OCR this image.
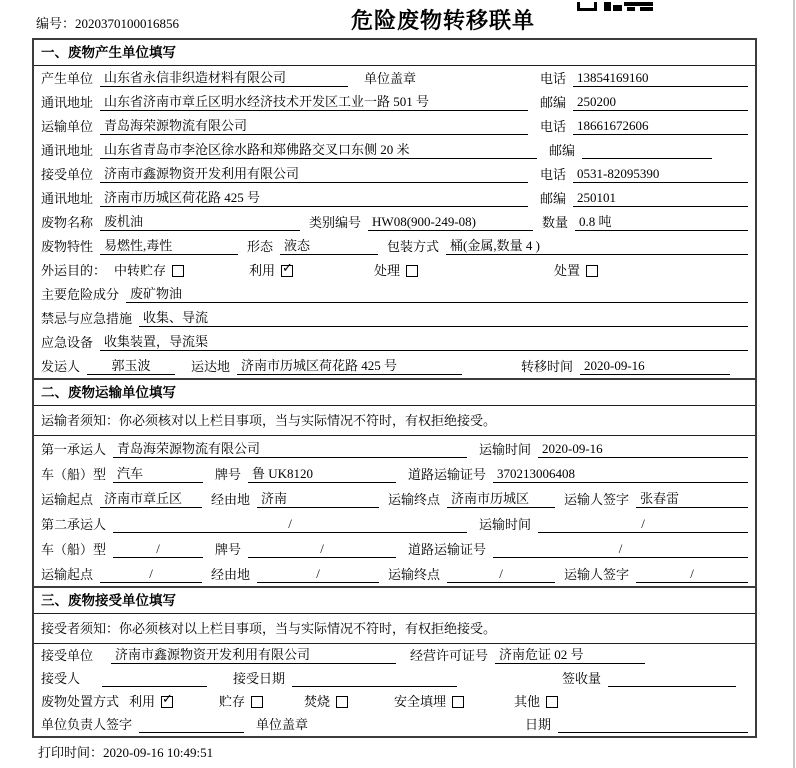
编号：2020370100016856	危险废物转移联单
一、废物产生单位填写
产生单位 山东省永信非织造材料有限公司	单位盖章	电话 13854169160
通讯地址 山东省济南市章丘区明水经济技术开发区工业一路 501 号	邮编 250200
运输单位 青岛海荣源物流有限公司	电话 18661672606
通讯地址 山东省青岛市李沧区徐水路和郑佛路交叉口东侧 20 米	邮编
接受单位 济南市鑫源物资开发利用有限公司	电话 0531-82095390
通讯地址 济南市历城区荷花路 425 号	邮编 250101
废物名称 废机油	类别编号 HW08(900-249-08)	数量 0.8 吨
废物特性 易燃性,毒性	形态 液态	包装方式 桶(金属,数量 4 )
外运目的： 中转贮存	利用 ✓	处理	处置
主要危险成分 废矿物油
禁忌与应急措施 收集、导流
应急设备 收集装置，导流渠
发运人	郭玉波	运达地 济南市历城区荷花路 425 号	转移时间 2020-09-16
二、废物运输单位填写
运输者须知：你必须核对以上栏目事项，当与实际情况不符时，有权拒绝接受。
第一承运人 青岛海荣源物流有限公司	运输时间 2020-09-16
车（船）型 汽车	牌号 鲁 UK8120	道路运输证号 370213006408
运输起点 济南市章丘区	经由地 济南	运输终点 济南市历城区	运输人签字 张春雷
第二承运人	/	运输时间	/
车（船）型	/	牌号	/	道路运输证号	/
运输起点	/	经由地	/	运输终点	/	运输人签字	/
三、废物接受单位填写
接受者须知：你必须核对以上栏目事项，当与实际情况不符时，有权拒绝接受。
接受单位	济南市鑫源物资开发利用有限公司	经营许可证号 济南危证 02 号
接受人	接受日期	签收量
废物处置方式 利用 ✓	贮存	焚烧	安全填埋	其他
单位负责人签字	单位盖章	日期
打印时间：2020-09-16 10:49:51
